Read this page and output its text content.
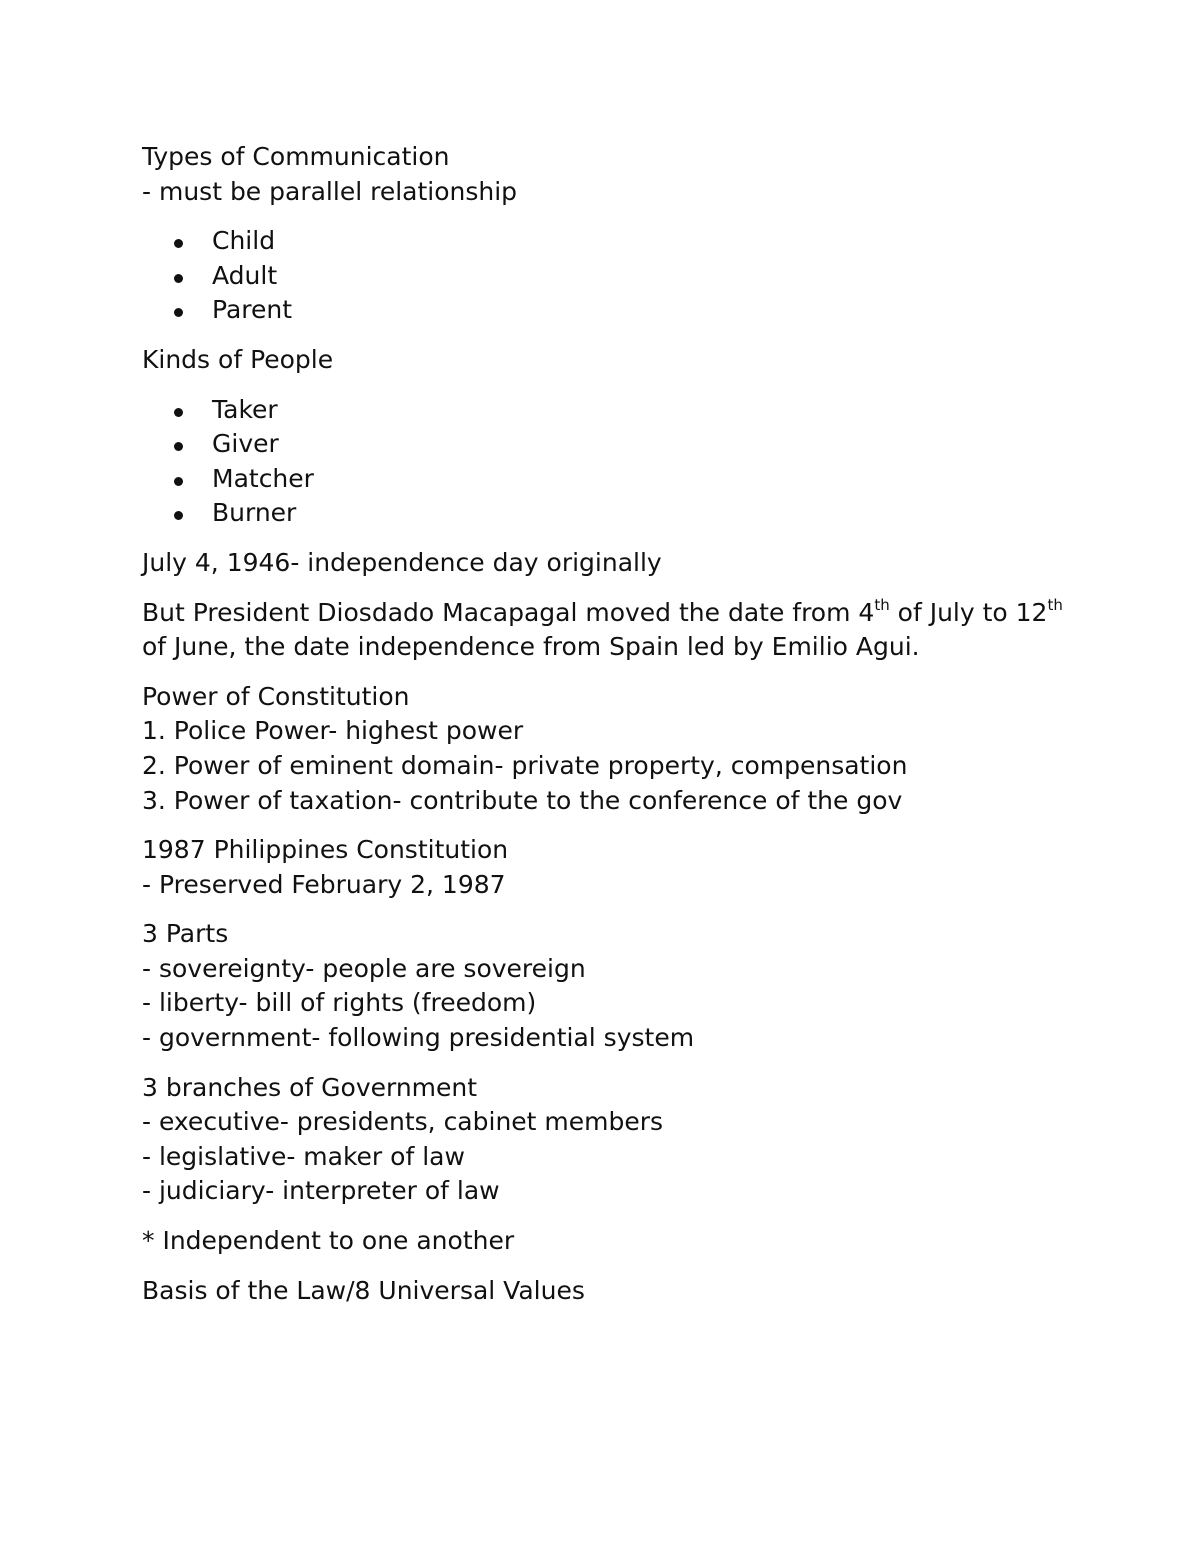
Types of Communication
- must be parallel relationship
Child
Adult
Parent
Kinds of People
Taker
Giver
Matcher
Burner
July 4, 1946- independence day originally
But President Diosdado Macapagal moved the date from 4th of July to 12th of June, the date independence from Spain led by Emilio Agui.
Power of Constitution
1. Police Power- highest power
2. Power of eminent domain- private property, compensation
3. Power of taxation- contribute to the conference of the gov
1987 Philippines Constitution
- Preserved February 2, 1987
3 Parts
- sovereignty- people are sovereign
- liberty- bill of rights (freedom)
- government- following presidential system
3 branches of Government
- executive- presidents, cabinet members
- legislative- maker of law
- judiciary- interpreter of law
* Independent to one another
Basis of the Law/8 Universal Values
